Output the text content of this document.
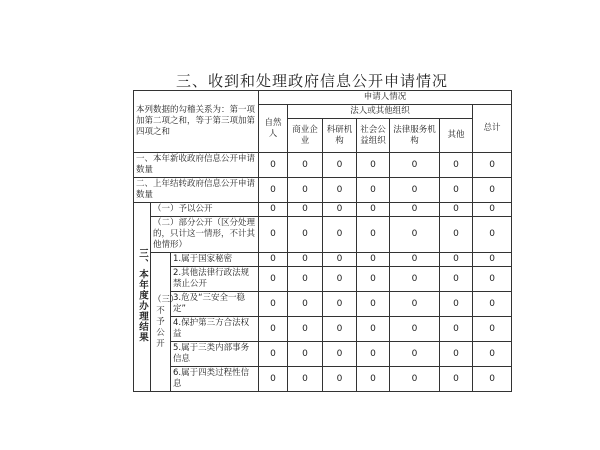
三、收到和处理政府信息公开申请情况
本列数据的勾稽关系为：第一项加第二项之和，等于第三项加第四项之和			申请人情况						
			自然人	法人或其他组织					总计
				商业企业	科研机构	社会公益组织	法律服务机构	其他	
一、本年新收政府信息公开申请数量			0	0	0	0	0	0	0
二、上年结转政府信息公开申请数量			0	0	0	0	0	0	0
三、本年度办理结果	（一）予以公开		0	0	0	0	0	0	0
	（二）部分公开（区分处理的，只计这一情形，不计其他情形）		0	0	0	0	0	0	0
	（三）不予公开	1.属于国家秘密	0	0	0	0	0	0	0
		2.其他法律行政法规禁止公开	0	0	0	0	0	0	0
		3.危及“三安全一稳定”	0	0	0	0	0	0	0
		4.保护第三方合法权益	0	0	0	0	0	0	0
		5.属于三类内部事务信息	0	0	0	0	0	0	0
		6.属于四类过程性信息	0	0	0	0	0	0	0
